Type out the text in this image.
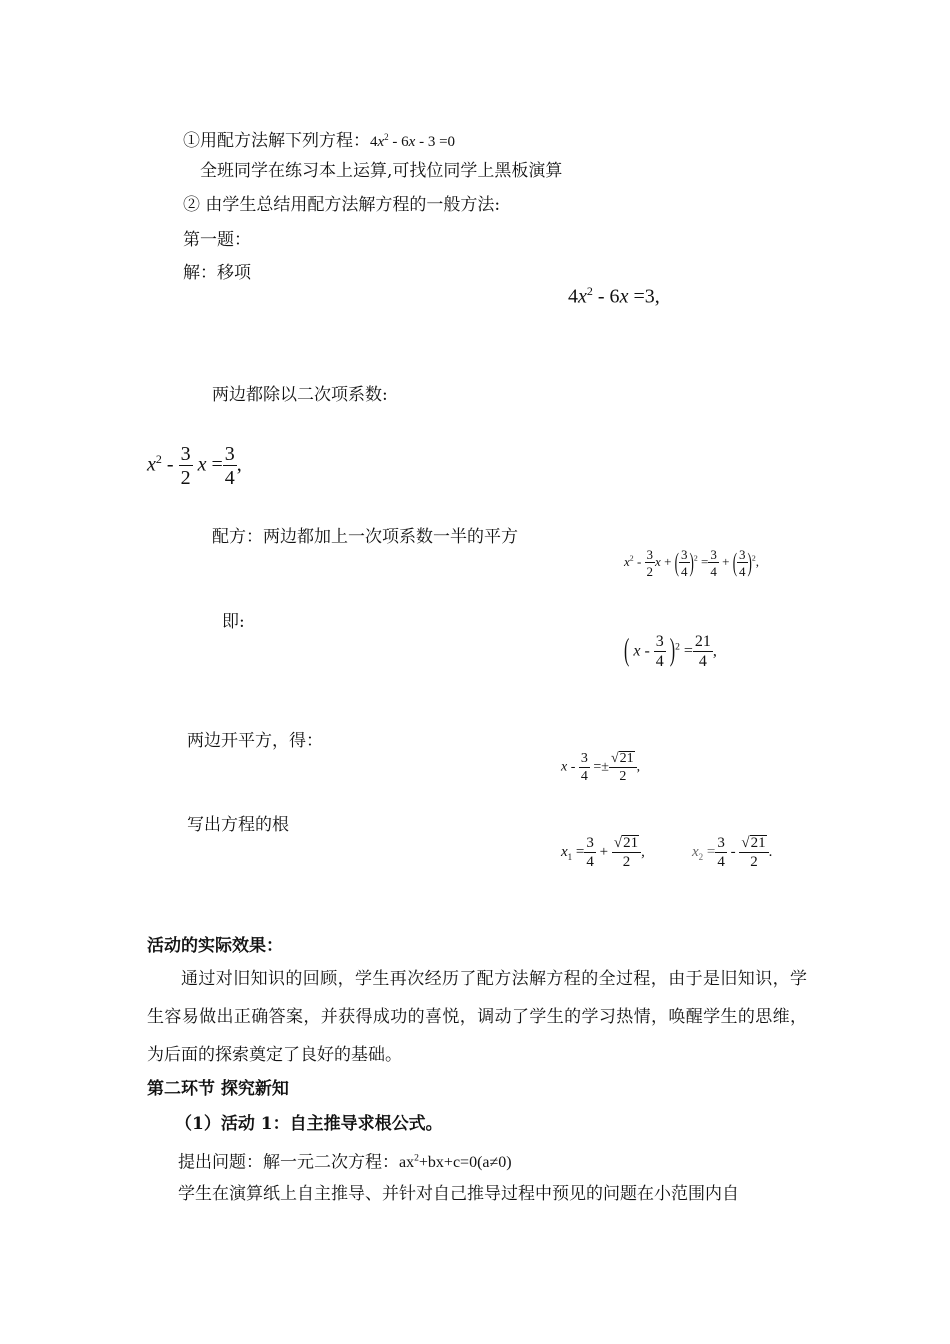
①用配方法解下列方程：$4x^2 - 6x - 3 =0$
全班同学在练习本上运算,可找位同学上黑板演算
② 由学生总结用配方法解方程的一般方法:
第一题：
解：移项
$4x^2 - 6x =3$,
两边都除以二次项系数:
$x^2 - \frac{3}{2}$ $x = \frac{3}{4}$ ,
配方：两边都加上一次项系数一半的平方
$x^2 - \frac{3}{2}$ x + ( $\frac{3}{4} )^2 = \frac{3}{4}$ + ( $\frac{3}{4} )^2$,
即:
( $x - \frac{3}{4} )^2 = \frac{21}{4}$ ,
两边开平方，得：
$x - \frac{3}{4} =\pm \frac{√21}{2}$ ,
写出方程的根
$x_1 = \frac{3}{4} + \frac{√21}{2}$ ,	$x_2 = \frac{3}{4} - \frac{√21}{2}$ .
活动的实际效果：
通过对旧知识的回顾，学生再次经历了配方法解方程的全过程，由于是旧知识，学生容易做出正确答案，并获得成功的喜悦，调动了学生的学习热情，唤醒学生的思维，为后面的探索奠定了良好的基础。
第二环节 探究新知
（1）活动 1：自主推导求根公式。
提出问题：解一元二次方程：$ax^2+bx+c=0(a\ne 0)$
学生在演算纸上自主推导、并针对自己推导过程中预见的问题在小范围内自
